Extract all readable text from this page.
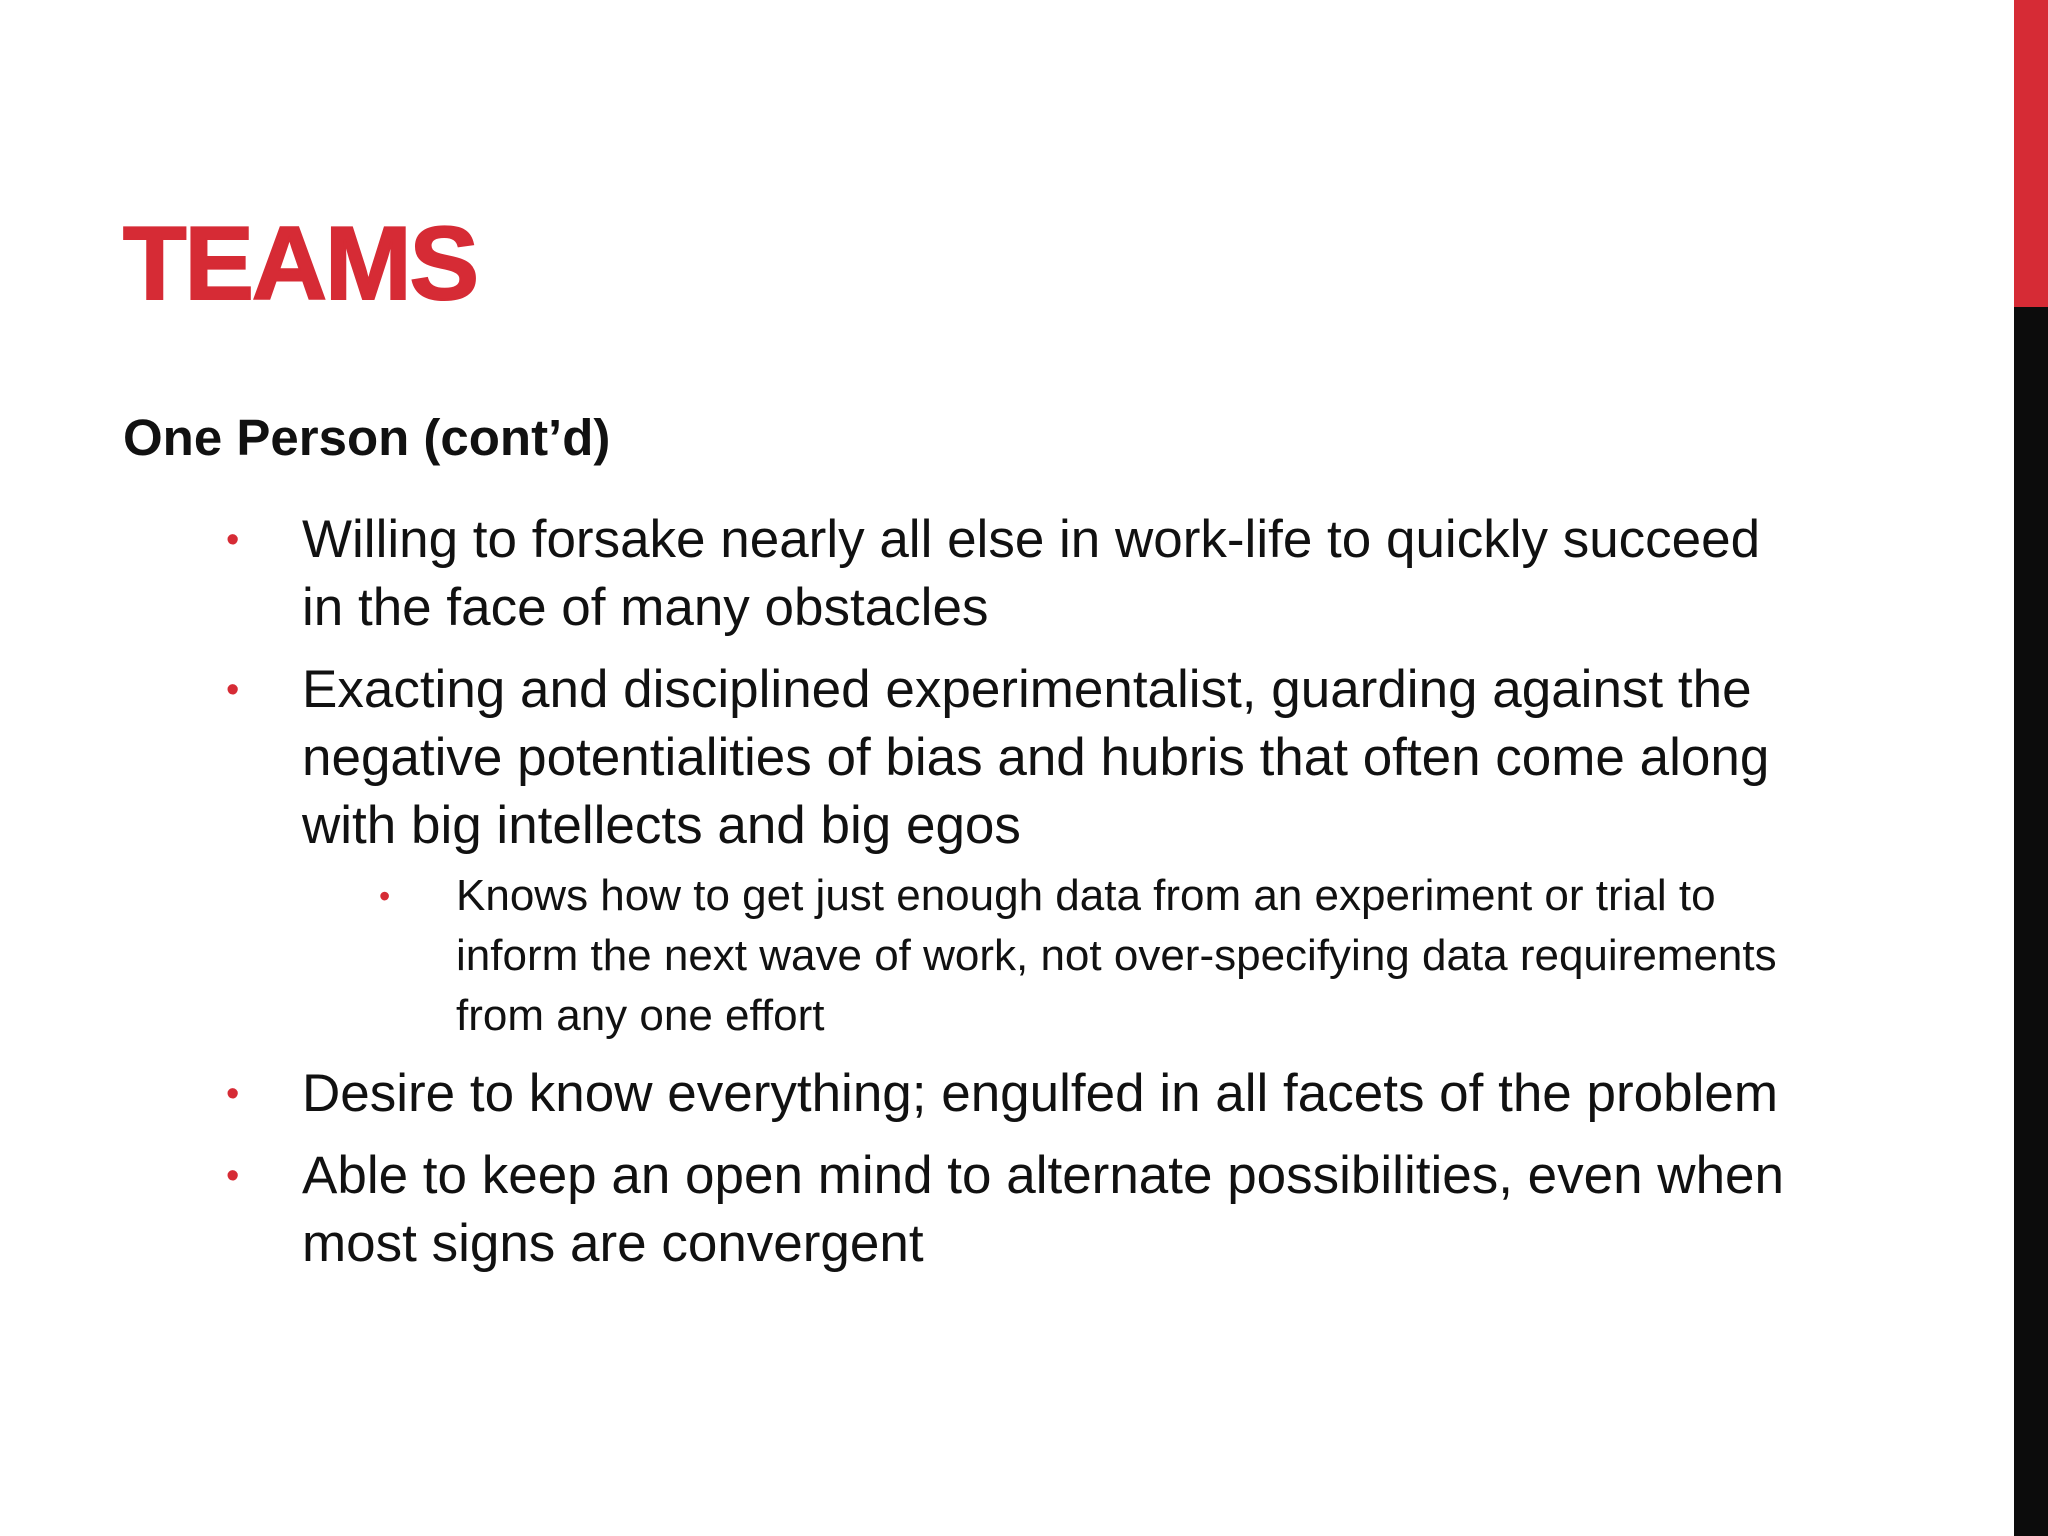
TEAMS
One Person (cont’d)
• Willing to forsake nearly all else in work-life to quickly succeed in the face of many obstacles
• Exacting and disciplined experimentalist, guarding against the negative potentialities of bias and hubris that often come along with big intellects and big egos
• Knows how to get just enough data from an experiment or trial to inform the next wave of work, not over-specifying data requirements from any one effort
• Desire to know everything; engulfed in all facets of the problem
• Able to keep an open mind to alternate possibilities, even when most signs are convergent
